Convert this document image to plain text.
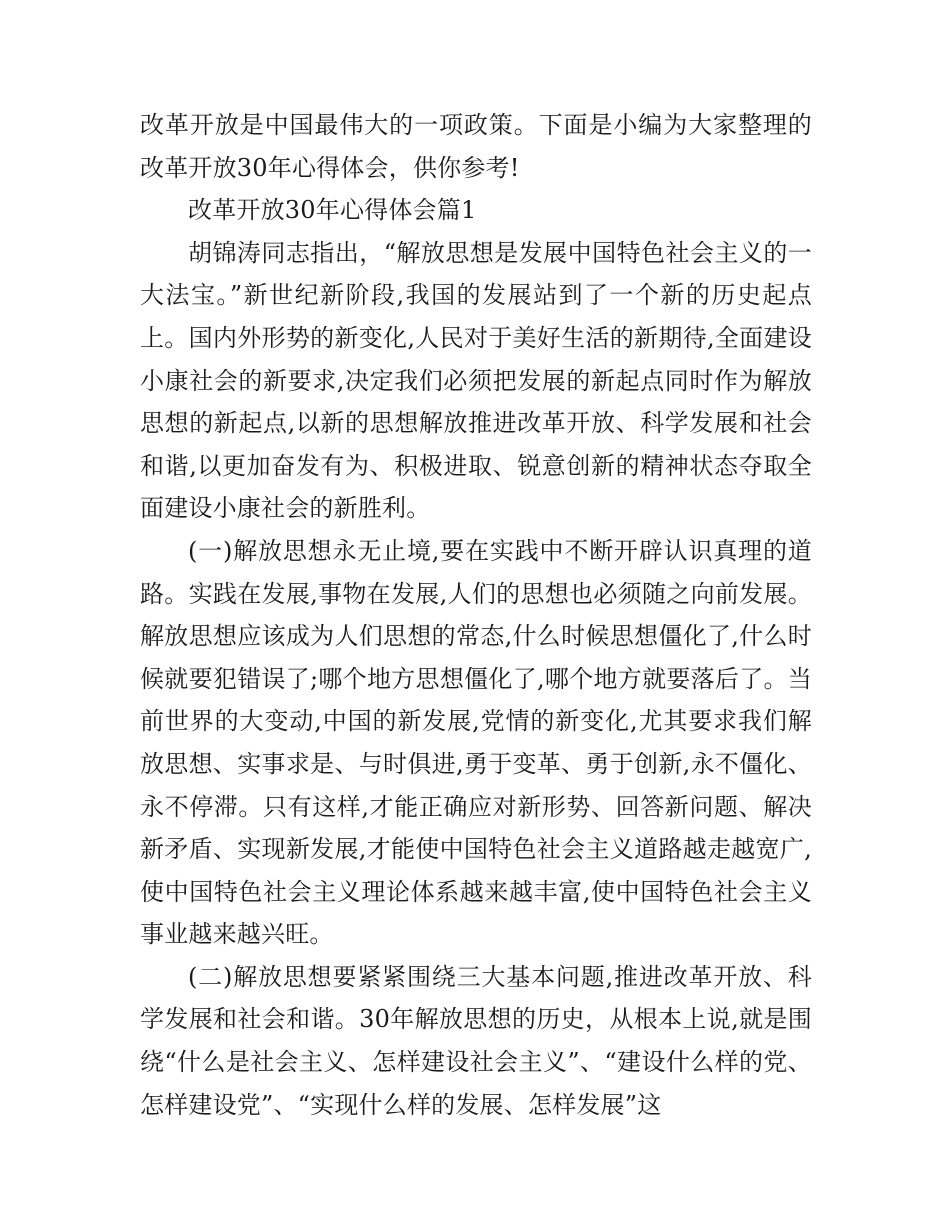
改革开放是中国最伟大的一项政策。下面是小编为大家整理的改革开放30年心得体会，供你参考!

改革开放30年心得体会篇1

胡锦涛同志指出，“解放思想是发展中国特色社会主义的一大法宝。”新世纪新阶段,我国的发展站到了一个新的历史起点上。国内外形势的新变化,人民对于美好生活的新期待,全面建设小康社会的新要求,决定我们必须把发展的新起点同时作为解放思想的新起点,以新的思想解放推进改革开放、科学发展和社会和谐,以更加奋发有为、积极进取、锐意创新的精神状态夺取全面建设小康社会的新胜利。

(一)解放思想永无止境,要在实践中不断开辟认识真理的道路。实践在发展,事物在发展,人们的思想也必须随之向前发展。解放思想应该成为人们思想的常态,什么时候思想僵化了,什么时候就要犯错误了;哪个地方思想僵化了,哪个地方就要落后了。当前世界的大变动,中国的新发展,党情的新变化,尤其要求我们解放思想、实事求是、与时俱进,勇于变革、勇于创新,永不僵化、永不停滞。只有这样,才能正确应对新形势、回答新问题、解决新矛盾、实现新发展,才能使中国特色社会主义道路越走越宽广,使中国特色社会主义理论体系越来越丰富,使中国特色社会主义事业越来越兴旺。

(二)解放思想要紧紧围绕三大基本问题,推进改革开放、科学发展和社会和谐。30年解放思想的历史，从根本上说,就是围绕“什么是社会主义、怎样建设社会主义”、“建设什么样的党、怎样建设党”、“实现什么样的发展、怎样发展”这
